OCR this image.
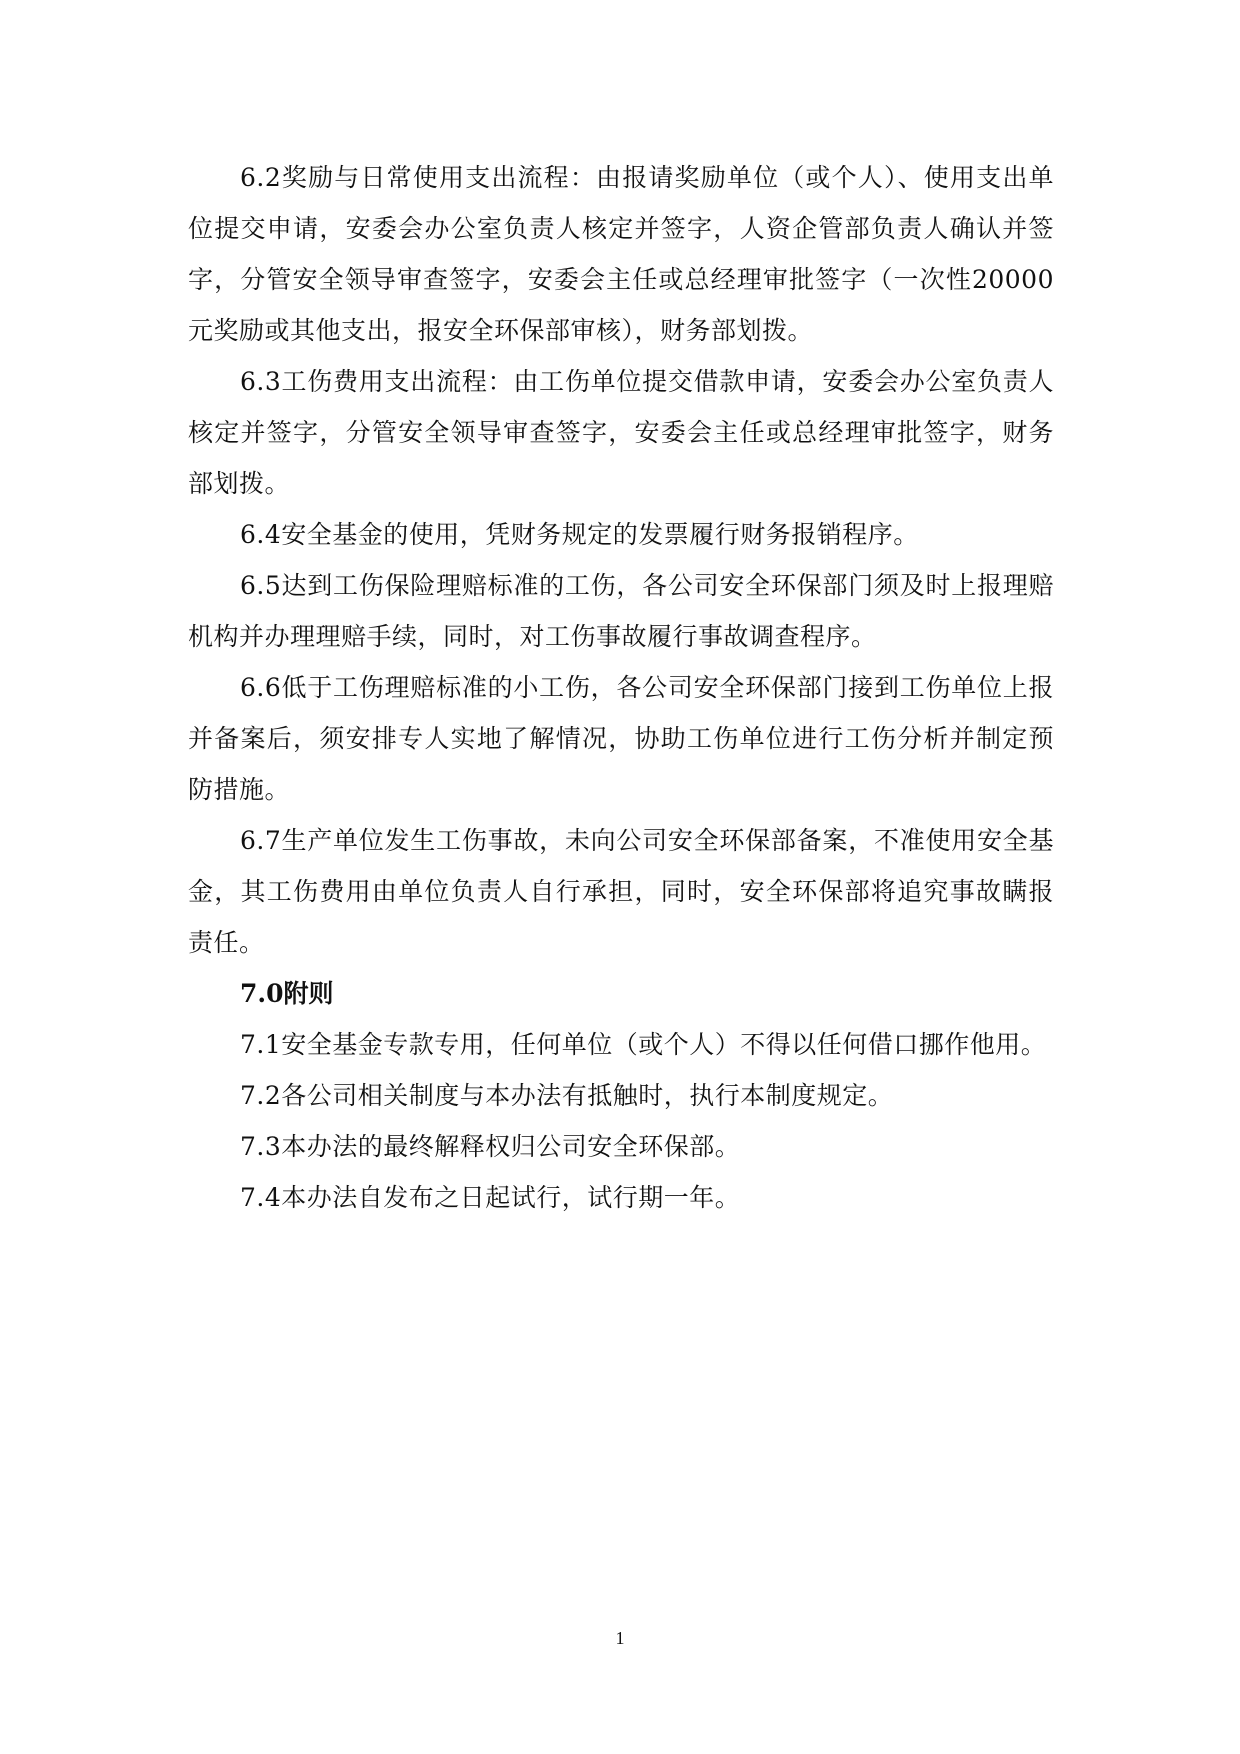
6.2奖励与日常使用支出流程：由报请奖励单位（或个人）、使用支出单位提交申请，安委会办公室负责人核定并签字，人资企管部负责人确认并签字，分管安全领导审查签字，安委会主任或总经理审批签字（一次性20000元奖励或其他支出，报安全环保部审核），财务部划拨。

6.3工伤费用支出流程：由工伤单位提交借款申请，安委会办公室负责人核定并签字，分管安全领导审查签字，安委会主任或总经理审批签字，财务部划拨。

6.4安全基金的使用，凭财务规定的发票履行财务报销程序。

6.5达到工伤保险理赔标准的工伤，各公司安全环保部门须及时上报理赔机构并办理理赔手续，同时，对工伤事故履行事故调查程序。

6.6低于工伤理赔标准的小工伤，各公司安全环保部门接到工伤单位上报并备案后，须安排专人实地了解情况，协助工伤单位进行工伤分析并制定预防措施。

6.7生产单位发生工伤事故，未向公司安全环保部备案，不准使用安全基金，其工伤费用由单位负责人自行承担，同时，安全环保部将追究事故瞒报责任。

7.0附则

7.1安全基金专款专用，任何单位（或个人）不得以任何借口挪作他用。

7.2各公司相关制度与本办法有抵触时，执行本制度规定。

7.3本办法的最终解释权归公司安全环保部。

7.4本办法自发布之日起试行，试行期一年。

1
